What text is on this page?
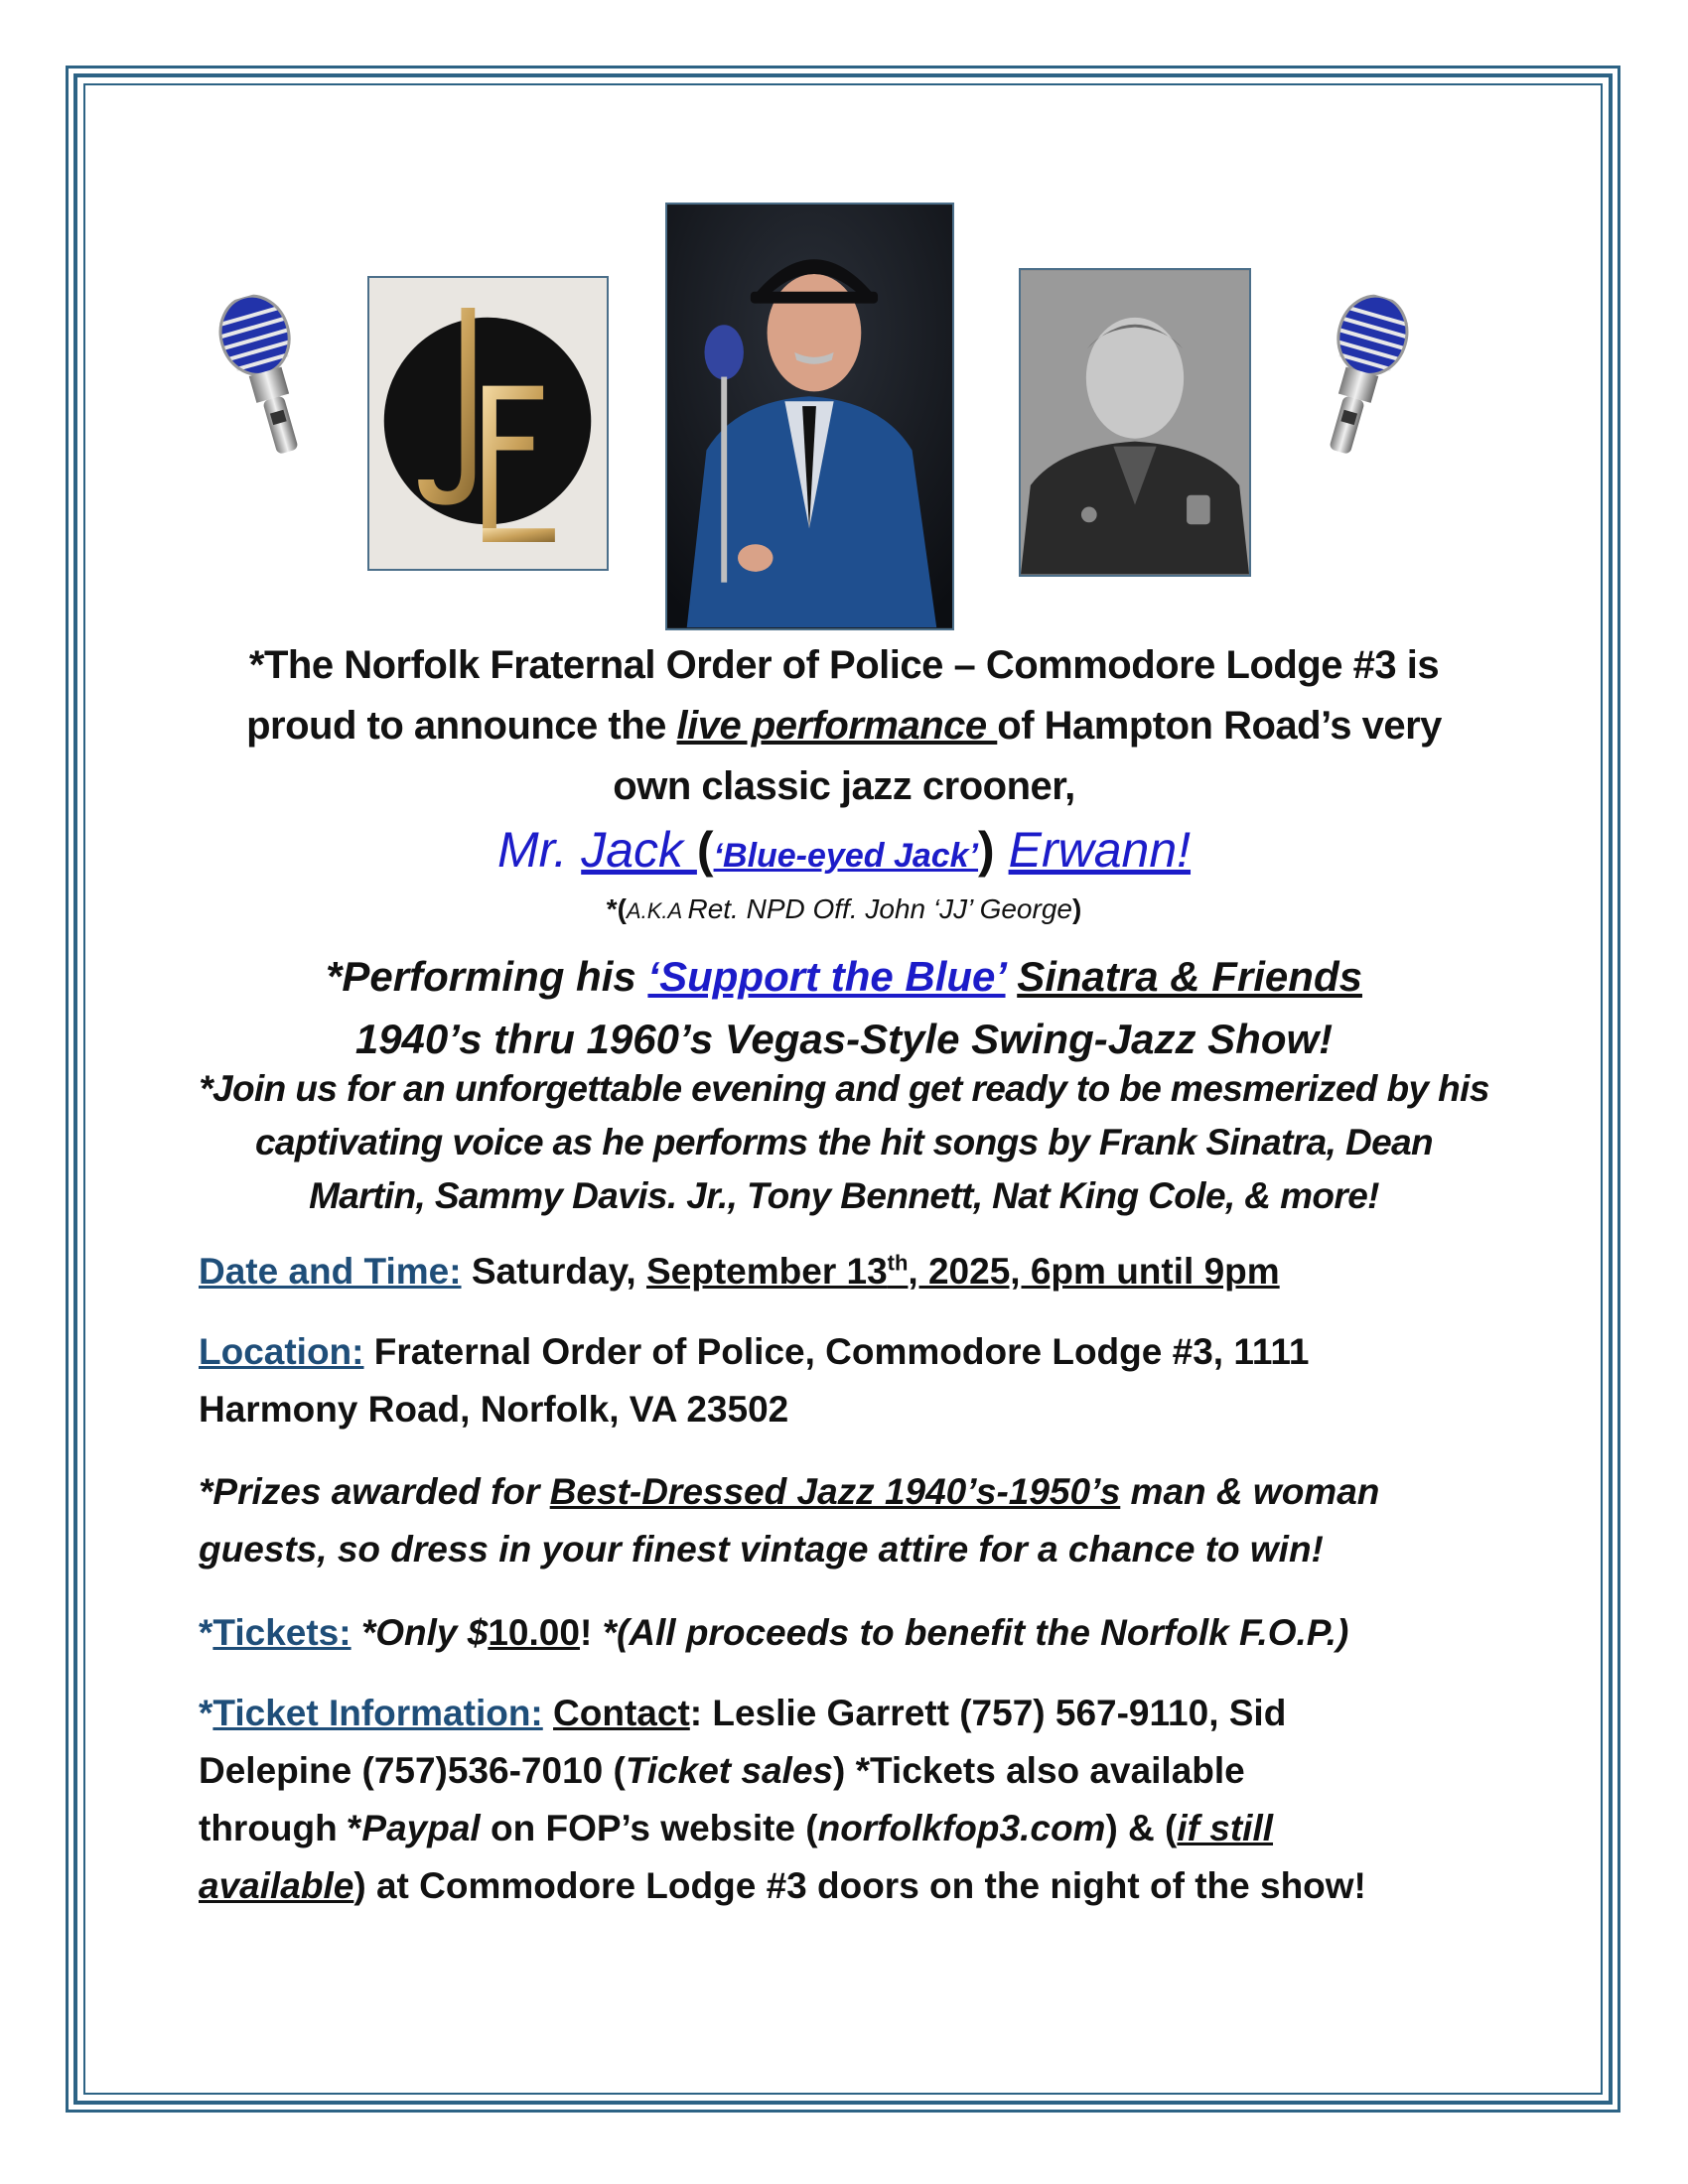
*The Norfolk Fraternal Order of Police – Commodore Lodge #3 is
proud to announce the live performance of Hampton Road’s very
own classic jazz crooner,
Mr. Jack (‘Blue-eyed Jack’) Erwann!
*(A.K.A Ret. NPD Off. John ‘JJ’ George)
*Performing his ‘Support the Blue’ Sinatra & Friends
1940’s thru 1960’s Vegas-Style Swing-Jazz Show!
*Join us for an unforgettable evening and get ready to be mesmerized by his
captivating voice as he performs the hit songs by Frank Sinatra, Dean
Martin, Sammy Davis. Jr., Tony Bennett, Nat King Cole, & more!
Date and Time: Saturday, September 13th, 2025, 6pm until 9pm
Location: Fraternal Order of Police, Commodore Lodge #3, 1111
Harmony Road, Norfolk, VA 23502
*Prizes awarded for Best-Dressed Jazz 1940’s-1950’s man & woman
guests, so dress in your finest vintage attire for a chance to win!
*Tickets: *Only $10.00! *(All proceeds to benefit the Norfolk F.O.P.)
*Ticket Information: Contact: Leslie Garrett (757) 567-9110, Sid
Delepine (757)536-7010 (Ticket sales) *Tickets also available
through *Paypal on FOP’s website (norfolkfop3.com) & (if still
available) at Commodore Lodge #3 doors on the night of the show!
